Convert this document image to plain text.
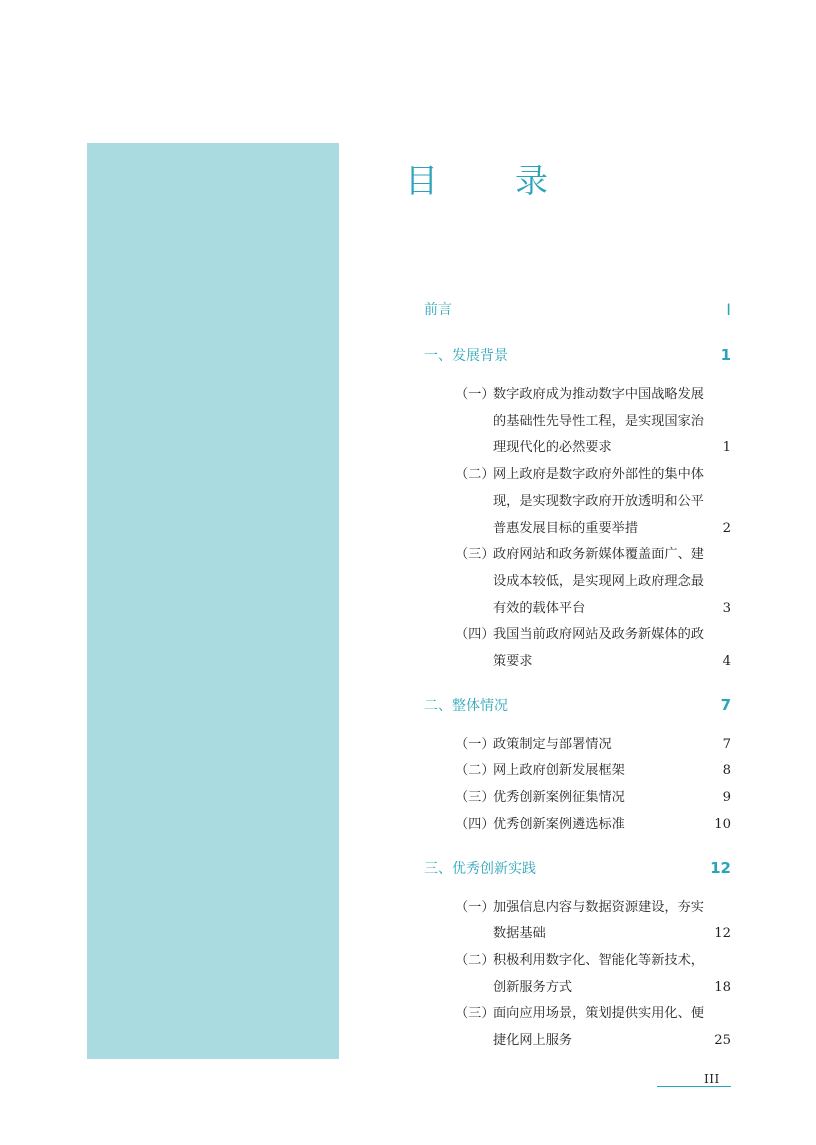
目　录
前言	I
一、发展背景	1
（一）
数字政府成为推动数字中国战略发展
的基础性先导性工程，是实现国家治
理现代化的必然要求	1
（二）
网上政府是数字政府外部性的集中体
现，是实现数字政府开放透明和公平
普惠发展目标的重要举措	2
（三）
政府网站和政务新媒体覆盖面广、建
设成本较低，是实现网上政府理念最
有效的载体平台	3
（四）
我国当前政府网站及政务新媒体的政
策要求	4
二、整体情况	7
（一）
政策制定与部署情况	7
（二）
网上政府创新发展框架	8
（三）
优秀创新案例征集情况	9
（四）
优秀创新案例遴选标准	10
三、优秀创新实践	12
（一）
加强信息内容与数据资源建设，夯实
数据基础	12
（二）
积极利用数字化、智能化等新技术，
创新服务方式	18
（三）
面向应用场景，策划提供实用化、便
捷化网上服务	25
III
